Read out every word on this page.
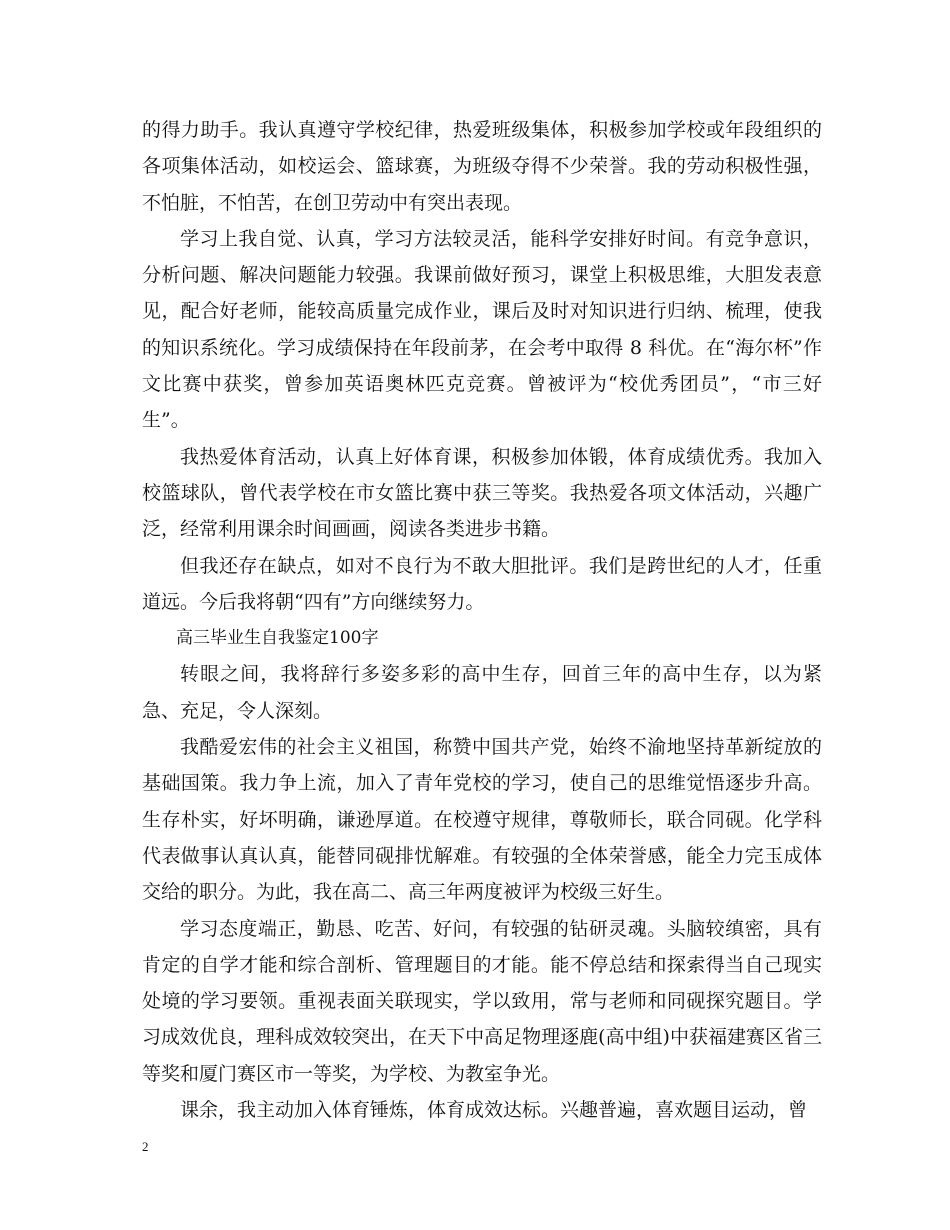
的得力助手。我认真遵守学校纪律，热爱班级集体，积极参加学校或年段组织的各项集体活动，如校运会、篮球赛，为班级夺得不少荣誉。我的劳动积极性强，不怕脏，不怕苦，在创卫劳动中有突出表现。

学习上我自觉、认真，学习方法较灵活，能科学安排好时间。有竞争意识，分析问题、解决问题能力较强。我课前做好预习，课堂上积极思维，大胆发表意见，配合好老师，能较高质量完成作业，课后及时对知识进行归纳、梳理，使我的知识系统化。学习成绩保持在年段前茅，在会考中取得 8 科优。在“海尔杯”作文比赛中获奖，曾参加英语奥林匹克竞赛。曾被评为“校优秀团员”，“市三好生”。

我热爱体育活动，认真上好体育课，积极参加体锻，体育成绩优秀。我加入校篮球队，曾代表学校在市女篮比赛中获三等奖。我热爱各项文体活动，兴趣广泛，经常利用课余时间画画，阅读各类进步书籍。

但我还存在缺点，如对不良行为不敢大胆批评。我们是跨世纪的人才，任重道远。今后我将朝“四有”方向继续努力。

高三毕业生自我鉴定100字

转眼之间，我将辞行多姿多彩的高中生存，回首三年的高中生存，以为紧急、充足，令人深刻。

我酷爱宏伟的社会主义祖国，称赞中国共产党，始终不渝地坚持革新绽放的基础国策。我力争上流，加入了青年党校的学习，使自己的思维觉悟逐步升高。生存朴实，好坏明确，谦逊厚道。在校遵守规律，尊敬师长，联合同砚。化学科代表做事认真认真，能替同砚排忧解难。有较强的全体荣誉感，能全力完玉成体交给的职分。为此，我在高二、高三年两度被评为校级三好生。

学习态度端正，勤恳、吃苦、好问，有较强的钻研灵魂。头脑较缜密，具有肯定的自学才能和综合剖析、管理题目的才能。能不停总结和探索得当自己现实处境的学习要领。重视表面关联现实，学以致用，常与老师和同砚探究题目。学习成效优良，理科成效较突出，在天下中高足物理逐鹿(高中组)中获福建赛区省三等奖和厦门赛区市一等奖，为学校、为教室争光。

课余，我主动加入体育锤炼，体育成效达标。兴趣普遍，喜欢题目运动，曾

2
